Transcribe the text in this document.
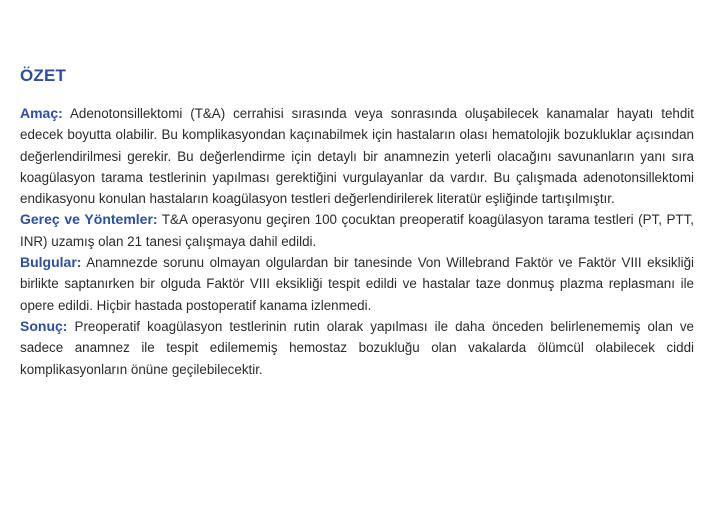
ÖZET

Amaç: Adenotonsillektomi (T&A) cerrahisi sırasında veya sonrasında oluşabilecek kanamalar hayatı tehdit edecek boyutta olabilir. Bu komplikasyondan kaçınabilmek için hastaların olası hematolojik bozukluklar açısından değerlendirilmesi gerekir. Bu değerlendirme için detaylı bir anamnezin yeterli olacağını savunanların yanı sıra koagülasyon tarama testlerinin yapılması gerektiğini vurgulayanlar da vardır. Bu çalışmada adenotonsillektomi endikasyonu konulan hastaların koagülasyon testleri değerlendirilerek literatür eşliğinde tartışılmıştır.

Gereç ve Yöntemler: T&A operasyonu geçiren 100 çocuktan preoperatif koagülasyon tarama testleri (PT, PTT, INR) uzamış olan 21 tanesi çalışmaya dahil edildi.

Bulgular: Anamnezde sorunu olmayan olgulardan bir tanesinde Von Willebrand Faktör ve Faktör VIII eksikliği birlikte saptanırken bir olguda Faktör VIII eksikliği tespit edildi ve hastalar taze donmuş plazma replasmanı ile opere edildi. Hiçbir hastada postoperatif kanama izlenmedi.

Sonuç: Preoperatif koagülasyon testlerinin rutin olarak yapılması ile daha önceden belirlenememiş olan ve sadece anamnez ile tespit edilememiş hemostaz bozukluğu olan vakalarda ölümcül olabilecek ciddi komplikasyonların önüne geçilebilecektir.
